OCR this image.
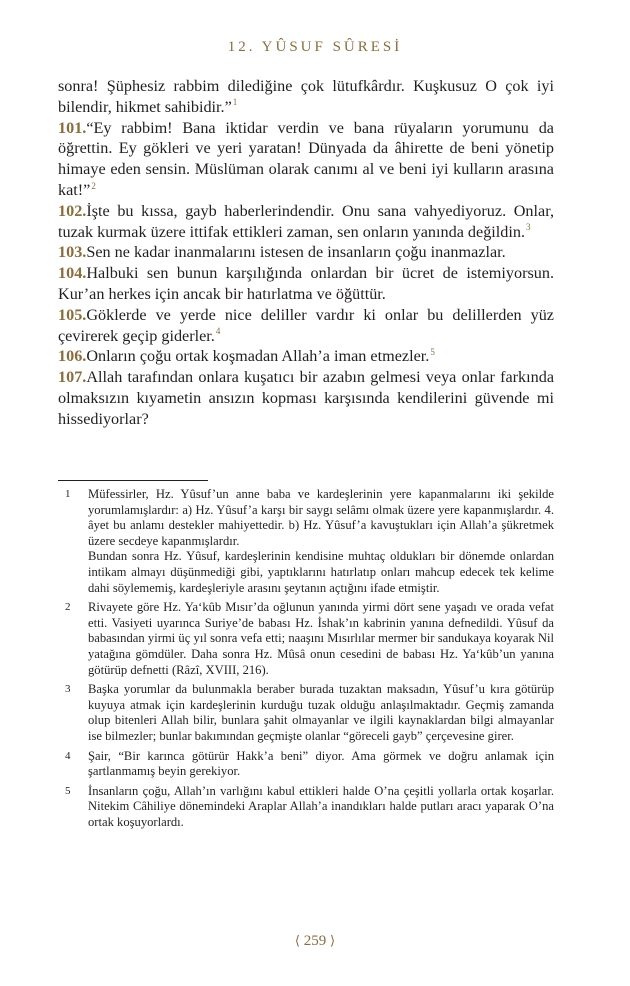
12. YÛSUF SÛRESİ

sonra! Şüphesiz rabbim dilediğine çok lütufkârdır. Kuşkusuz O çok iyi bilendir, hikmet sahibidir.”$^1$

101.“Ey rabbim! Bana iktidar verdin ve bana rüyaların yorumunu da öğrettin. Ey gökleri ve yeri yaratan! Dünyada da âhirette de beni yönetip himaye eden sensin. Müslüman olarak canımı al ve beni iyi kulların arasına kat!”$^2$

102.İşte bu kıssa, gayb haberlerindendir. Onu sana vahyediyoruz. Onlar, tuzak kurmak üzere ittifak ettikleri zaman, sen onların yanında değildin.$^3$

103.Sen ne kadar inanmalarını istesen de insanların çoğu inanmazlar.

104.Halbuki sen bunun karşılığında onlardan bir ücret de istemiyorsun. Kur’an herkes için ancak bir hatırlatma ve öğüttür.

105.Göklerde ve yerde nice deliller vardır ki onlar bu delillerden yüz çevirerek geçip giderler.$^4$

106.Onların çoğu ortak koşmadan Allah’a iman etmezler.$^5$

107.Allah tarafından onlara kuşatıcı bir azabın gelmesi veya onlar farkında olmaksızın kıyametin ansızın kopması karşısında kendilerini güvende mi hissediyorlar?

1 Müfessirler, Hz. Yûsuf’un anne baba ve kardeşlerinin yere kapanmalarını iki şekilde yorumlamışlardır: a) Hz. Yûsuf’a karşı bir saygı selâmı olmak üzere yere kapanmışlardır. 4. âyet bu anlamı destekler mahiyettedir. b) Hz. Yûsuf’a kavuştukları için Allah’a şükretmek üzere secdeye kapanmışlardır.

Bundan sonra Hz. Yûsuf, kardeşlerinin kendisine muhtaç oldukları bir dönemde onlardan intikam almayı düşünmediği gibi, yaptıklarını hatırlatıp onları mahcup edecek tek kelime dahi söylememiş, kardeşleriyle arasını şeytanın açtığını ifade etmiştir.

2 Rivayete göre Hz. Ya‘kûb Mısır’da oğlunun yanında yirmi dört sene yaşadı ve orada vefat etti. Vasiyeti uyarınca Suriye’de babası Hz. İshak’ın kabrinin yanına defnedildi. Yûsuf da babasından yirmi üç yıl sonra vefa etti; naaşını Mısırlılar mermer bir sandukaya koyarak Nil yatağına gömdüler. Daha sonra Hz. Mûsâ onun cesedini de babası Hz. Ya‘kûb’un yanına götürüp defnetti (Râzî, XVIII, 216).

3 Başka yorumlar da bulunmakla beraber burada tuzaktan maksadın, Yûsuf’u kıra götürüp kuyuya atmak için kardeşlerinin kurduğu tuzak olduğu anlaşılmaktadır. Geçmiş zamanda olup bitenleri Allah bilir, bunlara şahit olmayanlar ve ilgili kaynaklardan bilgi almayanlar ise bilmezler; bunlar bakımından geçmişte olanlar “göreceli gayb” çerçevesine girer.

4 Şair, “Bir karınca götürür Hakk’a beni” diyor. Ama görmek ve doğru anlamak için şartlanmamış beyin gerekiyor.

5 İnsanların çoğu, Allah’ın varlığını kabul ettikleri halde O’na çeşitli yollarla ortak koşarlar. Nitekim Câhiliye dönemindeki Araplar Allah’a inandıkları halde putları aracı yaparak O’na ortak koşuyorlardı.

⟨ 259 ⟩
